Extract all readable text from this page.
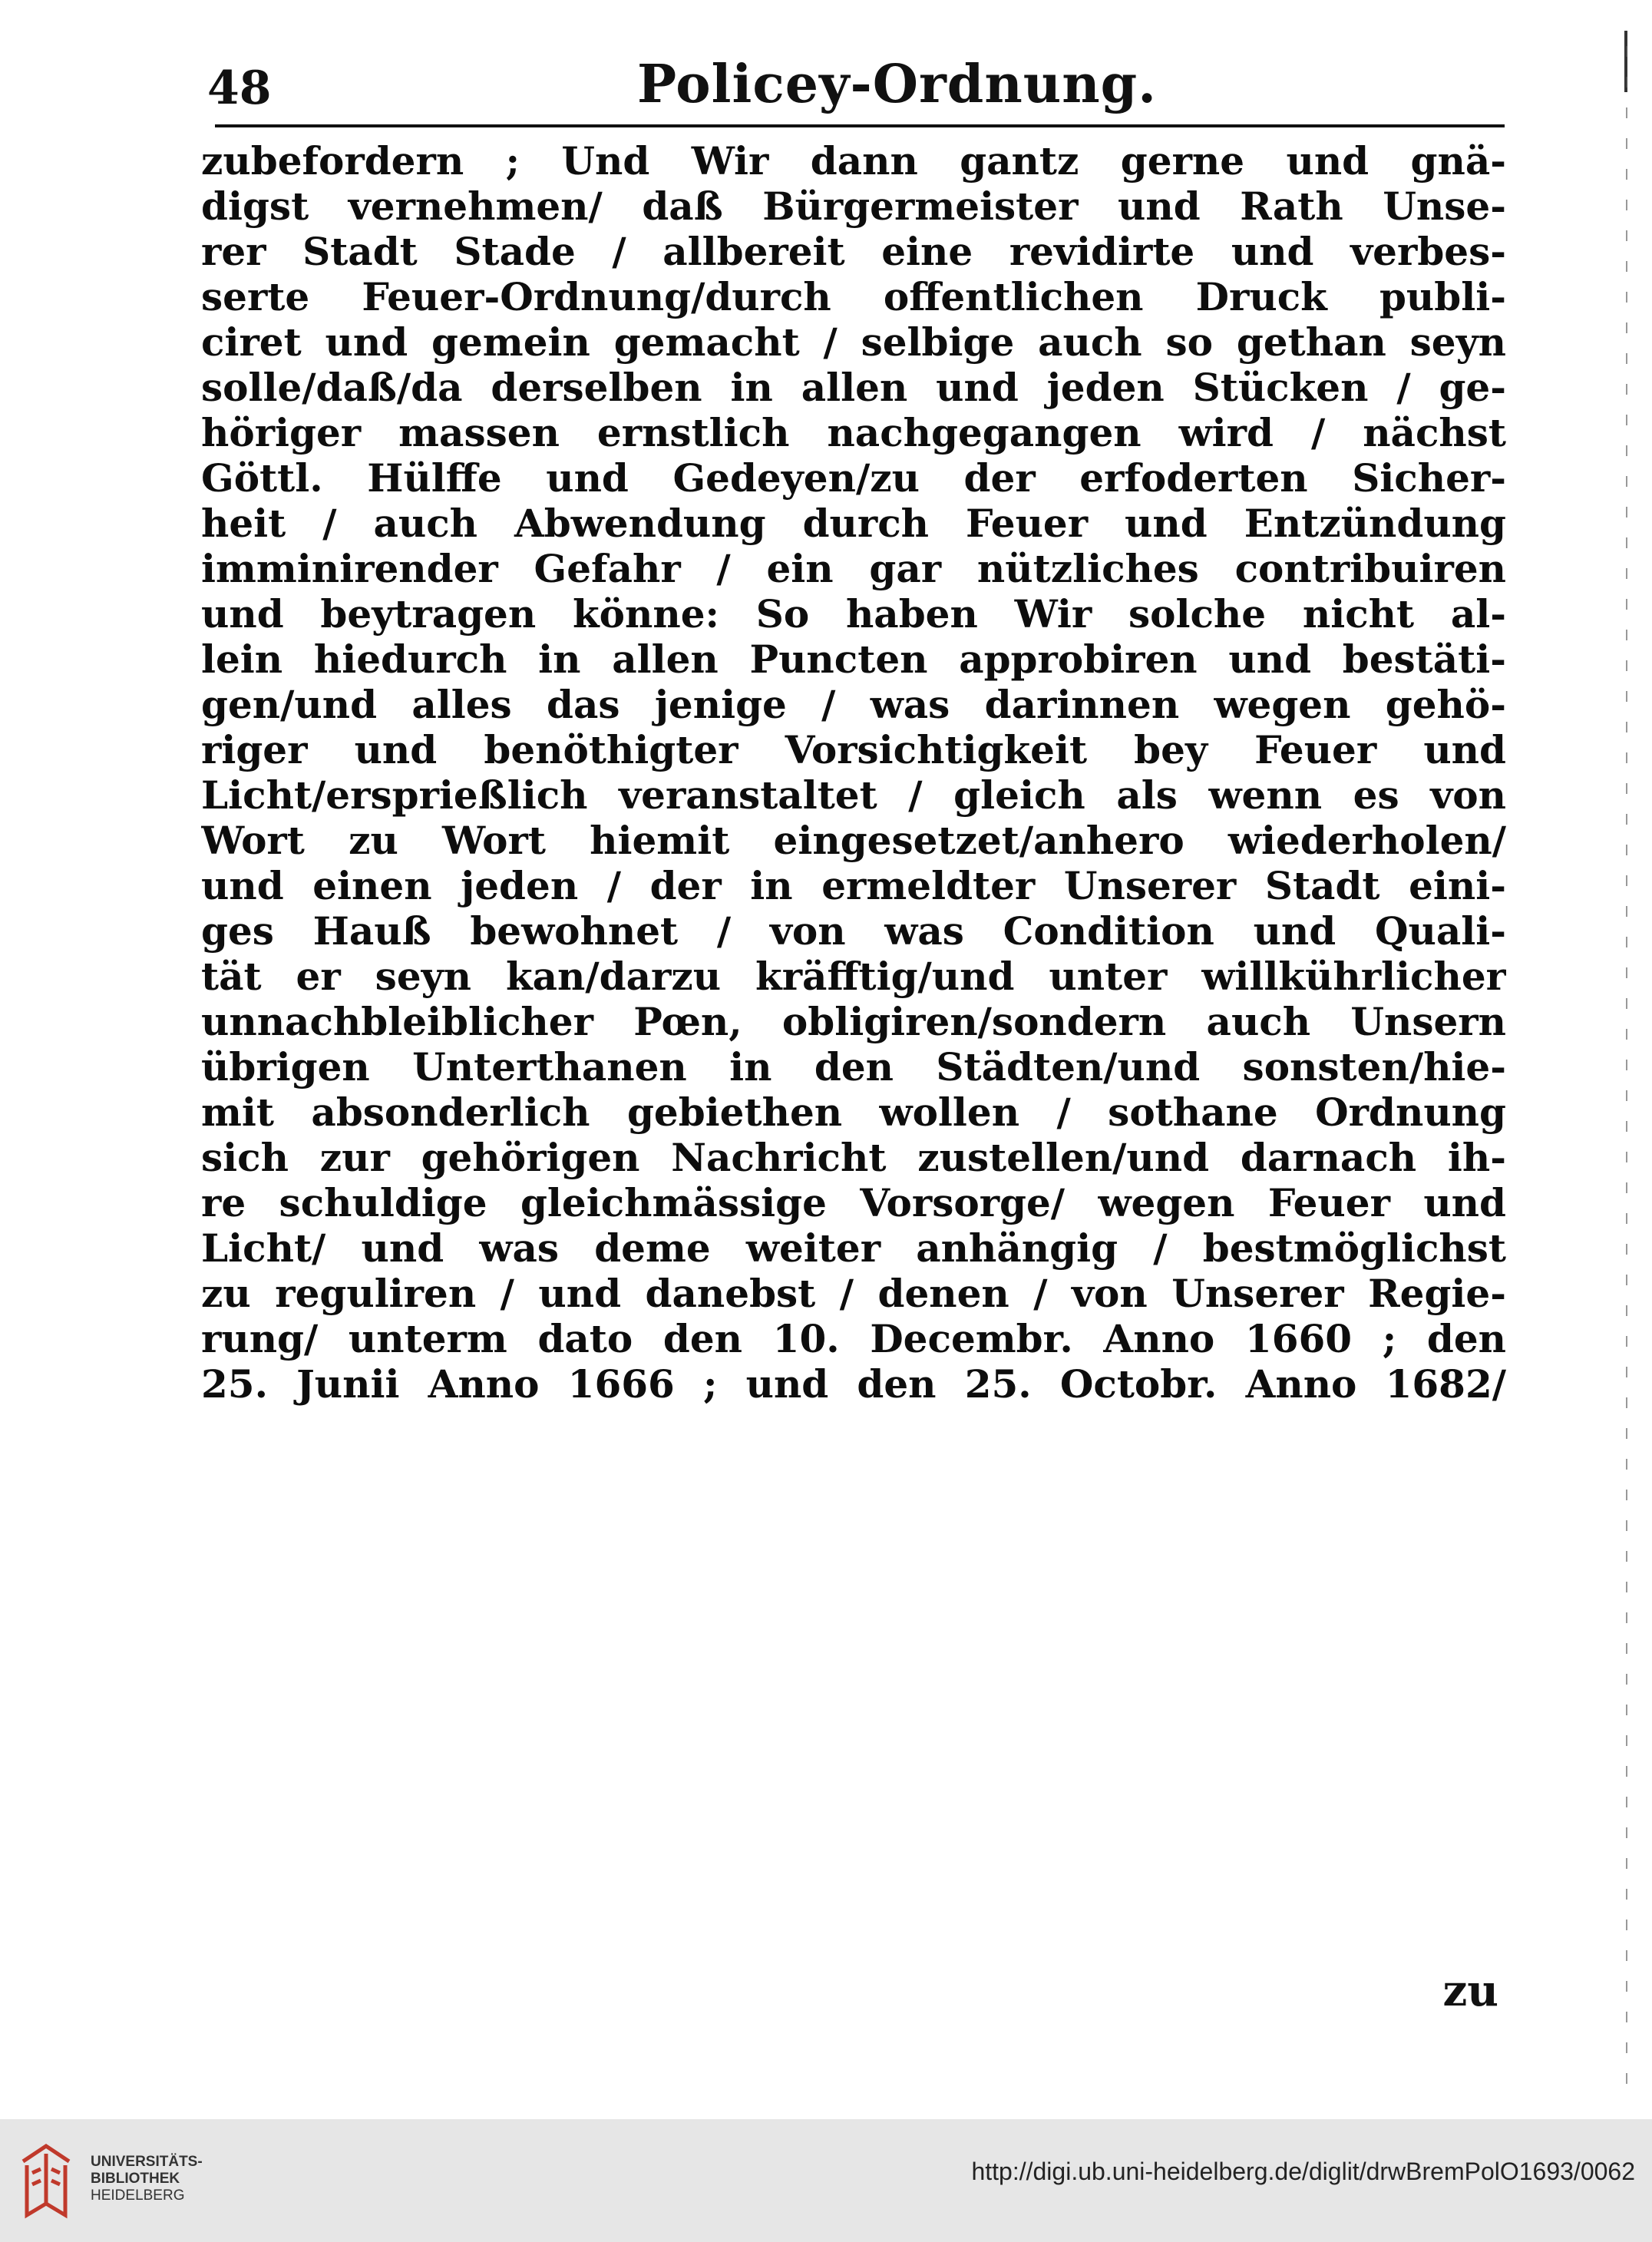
48	Policey-Ordnung.
zubefordern ; Und Wir dann gantz gerne und gnä-
digst vernehmen/ daß Bürgermeister und Rath Unse-
rer Stadt Stade / allbereit eine revidirte und verbes-
serte Feuer-Ordnung/durch offentlichen Druck publi-
ciret und gemein gemacht / selbige auch so gethan seyn
solle/daß/da derselben in allen und jeden Stücken / ge-
höriger massen ernstlich nachgegangen wird / nächst
Göttl. Hülffe und Gedeyen/zu der erfoderten Sicher-
heit / auch Abwendung durch Feuer und Entzündung
imminirender Gefahr / ein gar nützliches contribuiren
und beytragen könne: So haben Wir solche nicht al-
lein hiedurch in allen Puncten approbiren und bestäti-
gen/und alles das jenige / was darinnen wegen gehö-
riger und benöthigter Vorsichtigkeit bey Feuer und
Licht/ersprießlich veranstaltet / gleich als wenn es von
Wort zu Wort hiemit eingesetzet/anhero wiederholen/
und einen jeden / der in ermeldter Unserer Stadt eini-
ges Hauß bewohnet / von was Condition und Quali-
tät er seyn kan/darzu kräfftig/und unter willkührlicher
unnachbleiblicher Pœn, obligiren/sondern auch Unsern
übrigen Unterthanen in den Städten/und sonsten/hie-
mit absonderlich gebiethen wollen / sothane Ordnung
sich zur gehörigen Nachricht zustellen/und darnach ih-
re schuldige gleichmässige Vorsorge/ wegen Feuer und
Licht/ und was deme weiter anhängig / bestmöglichst
zu reguliren / und danebst / denen / von Unserer Regie-
rung/ unterm dato den 10. Decembr. Anno 1660 ; den
25. Junii Anno 1666 ; und den 25. Octobr. Anno 1682/
zu
UNIVERSITÄTS-
BIBLIOTHEK
HEIDELBERG
http://digi.ub.uni-heidelberg.de/diglit/drwBremPolO1693/0062
